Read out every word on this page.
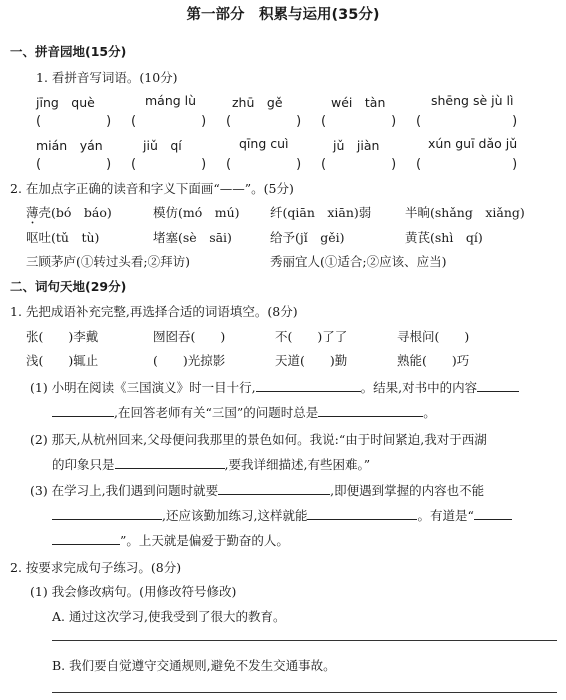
第一部分　积累与运用(35分)
一、拼音园地(15分)
1. 看拼音写词语。(10分)
jīng　què	máng lù	zhū　gě	wéi　tàn	shēng sè jù lì
(　　　　　) (　　　　　) (　　　　　) (　　　　　) (　　　　　　　)
mián　yán	jiǔ　qí	qīng cuì	jǔ　jiàn	xún guī dǎo jǔ
(　　　　　) (　　　　　) (　　　　　) (　　　　　) (　　　　　　　)
2. 在加点字正确的读音和字义下面画“——”。(5分)
薄壳(bó　báo)	模仿(mó　mú) 纤(qiān　xiān)弱	半晌(shǎng　xiǎng)
呕吐(tǔ　tù)	堵塞(sè　sāi)	给予(jǐ　gěi)	黄芪(shì　qí)
三顾茅庐(①转过头看;②拜访)	秀丽宜人(①适合;②应该、应当)
二、词句天地(29分)
1. 先把成语补充完整,再选择合适的词语填空。(8分)
张(　　)李戴	囫囵吞(　　)	不(　　)了了	寻根问(　　)
浅(　　)辄止	(　　)光掠影	天道(　　)勤	熟能(　　)巧
(1) 小明在阅读《三国演义》时一目十行,	。结果,对书中的内容
,在回答老师有关“三国”的问题时总是	。
(2) 那天,从杭州回来,父母便问我那里的景色如何。我说:“由于时间紧迫,我对于西湖
的印象只是	,要我详细描述,有些困难。”
(3) 在学习上,我们遇到问题时就要	,即便遇到掌握的内容也不能
,还应该勤加练习,这样就能	。有道是“
”。上天就是偏爱于勤奋的人。
2. 按要求完成句子练习。(8分)
(1) 我会修改病句。(用修改符号修改)
A. 通过这次学习,使我受到了很大的教育。
B. 我们要自觉遵守交通规则,避免不发生交通事故。
